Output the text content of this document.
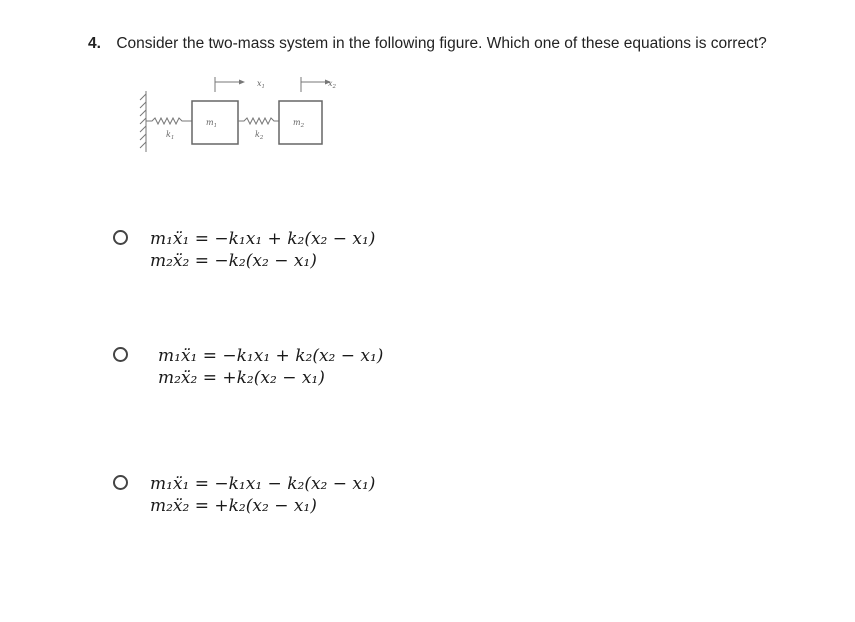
4. Consider the two-mass system in the following figure. Which one of these equations is correct?
$x_1$	$x_2$
$m_1$	$m_2$
$k_1$	$k_2$
m₁ẍ₁ = −k₁x₁ + k₂(x₂ − x₁)
m₂ẍ₂ = −k₂(x₂ − x₁)
m₁ẍ₁ = −k₁x₁ + k₂(x₂ − x₁)
m₂ẍ₂ = +k₂(x₂ − x₁)
m₁ẍ₁ = −k₁x₁ − k₂(x₂ − x₁)
m₂ẍ₂ = +k₂(x₂ − x₁)
